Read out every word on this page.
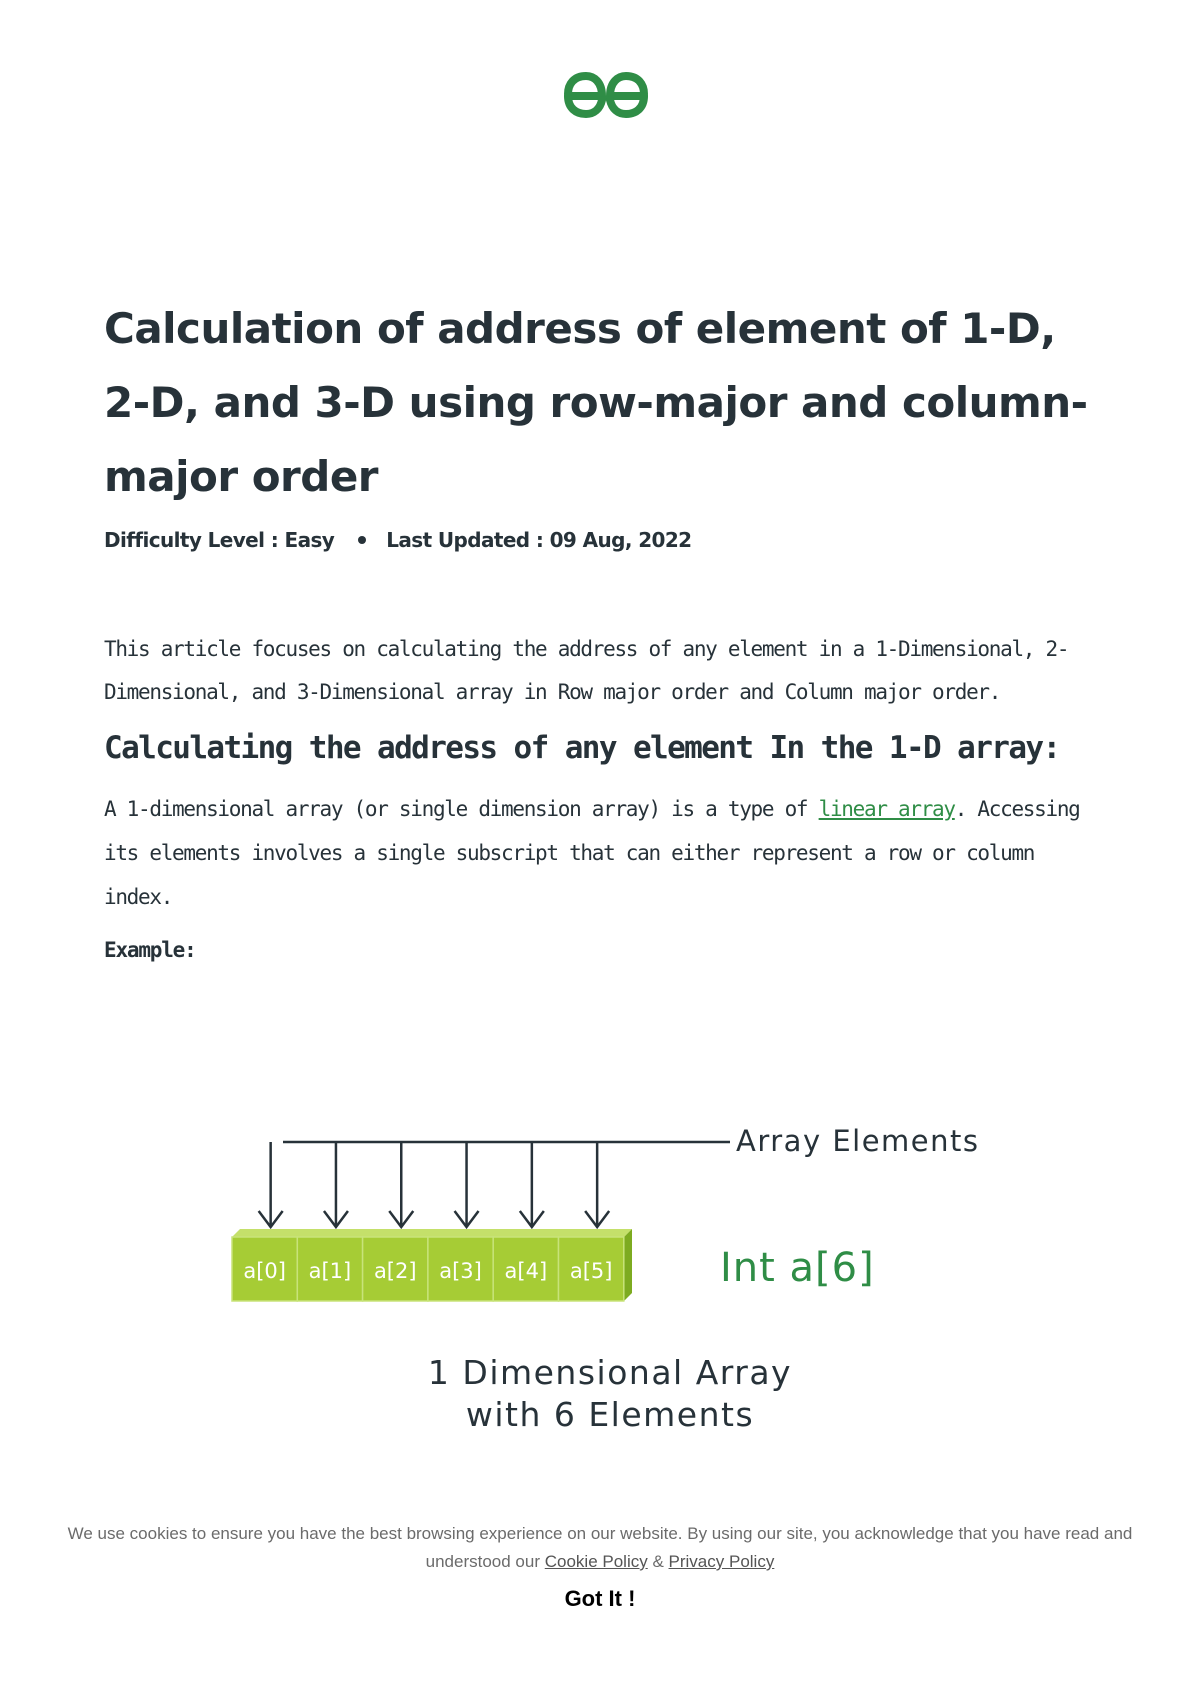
Calculation of address of element of 1-D, 2-D, and 3-D using row-major and column-major order
Difficulty Level : Easy	Last Updated : 09 Aug, 2022

This article focuses on calculating the address of any element in a 1-Dimensional, 2-Dimensional, and 3-Dimensional array in Row major order and Column major order.

Calculating the address of any element In the 1-D array:

A 1-dimensional array (or single dimension array) is a type of linear array. Accessing its elements involves a single subscript that can either represent a row or column index.

Example:
Array Elements
a[0] a[1] a[2] a[3] a[4] a[5]	Int a[6]
1 Dimensional Array
with 6 Elements
We use cookies to ensure you have the best browsing experience on our website. By using our site, you acknowledge that you have read and understood our Cookie Policy & Privacy Policy
Got It !
